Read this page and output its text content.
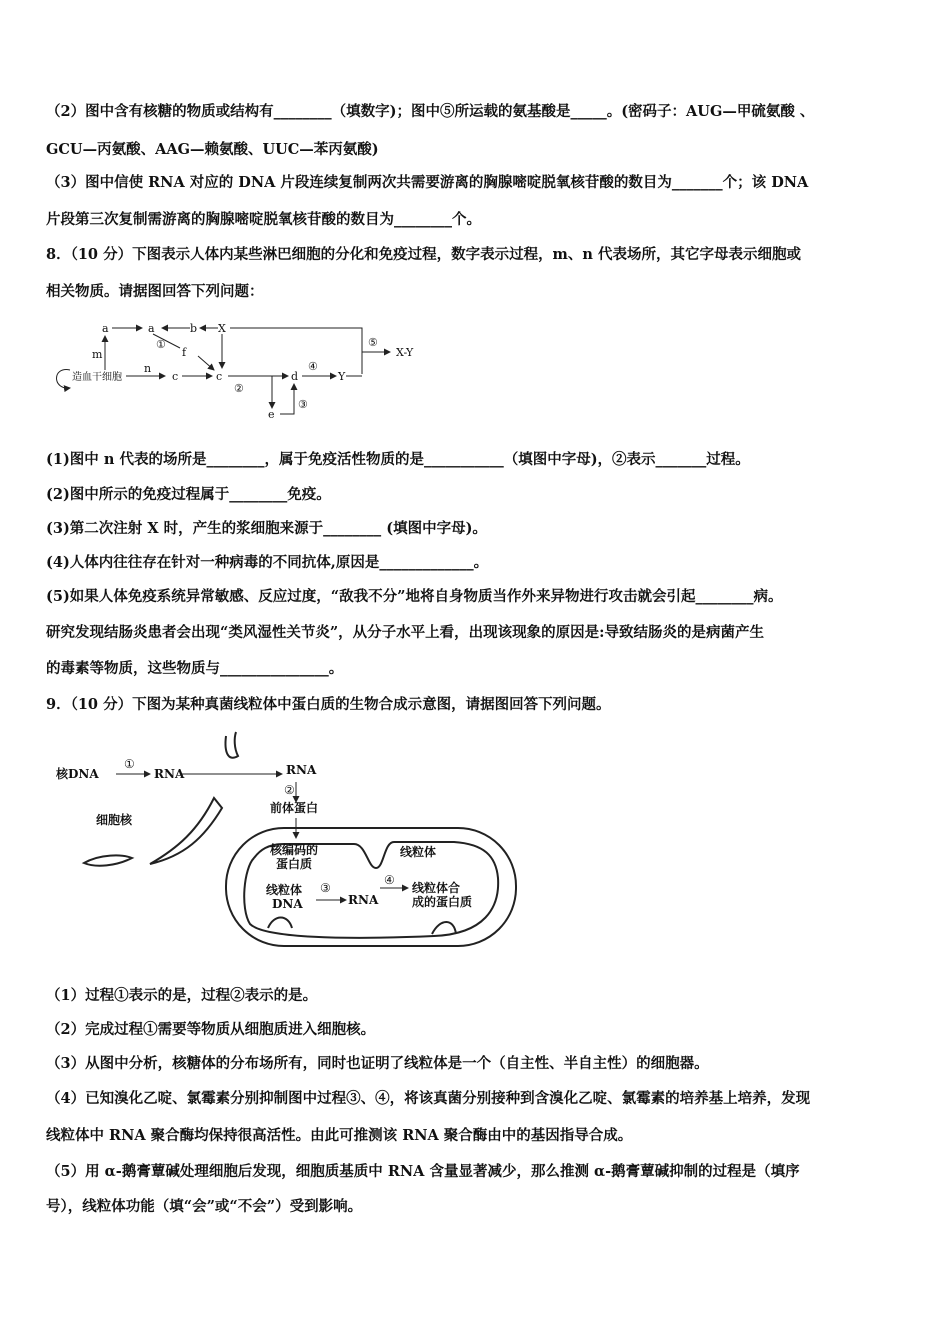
（2）图中含有核糖的物质或结构有________（填数字)；图中⑤所运载的氨基酸是_____。(密码子：AUG—甲硫氨酸 、
GCU—丙氨酸、AAG—赖氨酸、UUC—苯丙氨酸)
（3）图中信使 RNA 对应的 DNA 片段连续复制两次共需要游离的胸腺嘧啶脱氧核苷酸的数目为_______个；该 DNA
片段第三次复制需游离的胸腺嘧啶脱氧核苷酸的数目为________个。
8．（10 分）下图表示人体内某些淋巴细胞的分化和免疫过程，数字表示过程，m、n 代表场所，其它字母表示细胞或
相关物质。请据图回答下列问题：
a	a	b X
m
①
f
⑤
X-Y
n
造血干细胞	c	c
②
d
④
Y
e
③
(1)图中 n 代表的场所是________，属于免疫活性物质的是___________（填图中字母)，②表示_______过程。
(2)图中所示的免疫过程属于________免疫。
(3)第二次注射 X 时，产生的浆细胞来源于________ (填图中字母)。
(4)人体内往往存在针对一种病毒的不同抗体,原因是_____________。
(5)如果人体免疫系统异常敏感、反应过度，“敌我不分”地将自身物质当作外来异物进行攻击就会引起________病。
研究发现结肠炎患者会出现“类风湿性关节炎”，从分子水平上看，出现该现象的原因是:导致结肠炎的是病菌产生
的毒素等物质，这些物质与_______________。
9．（10 分）下图为某种真菌线粒体中蛋白质的生物合成示意图，请据图回答下列问题。
核DNA
①
RNA	RNA
②
前体蛋白
细胞核
核编码的
蛋白质
线粒体
线粒体
DNA
③
RNA
④
线粒体合
成的蛋白质
（1）过程①表示的是，过程②表示的是。
（2）完成过程①需要等物质从细胞质进入细胞核。
（3）从图中分析，核糖体的分布场所有，同时也证明了线粒体是一个（自主性、半自主性）的细胞器。
（4）已知溴化乙啶、氯霉素分别抑制图中过程③、④，将该真菌分别接种到含溴化乙啶、氯霉素的培养基上培养，发现
线粒体中 RNA 聚合酶均保持很高活性。由此可推测该 RNA 聚合酶由中的基因指导合成。
（5）用 α-鹅膏蕈碱处理细胞后发现，细胞质基质中 RNA 含量显著减少，那么推测 α-鹅膏蕈碱抑制的过程是（填序
号），线粒体功能（填“会”或“不会”）受到影响。
